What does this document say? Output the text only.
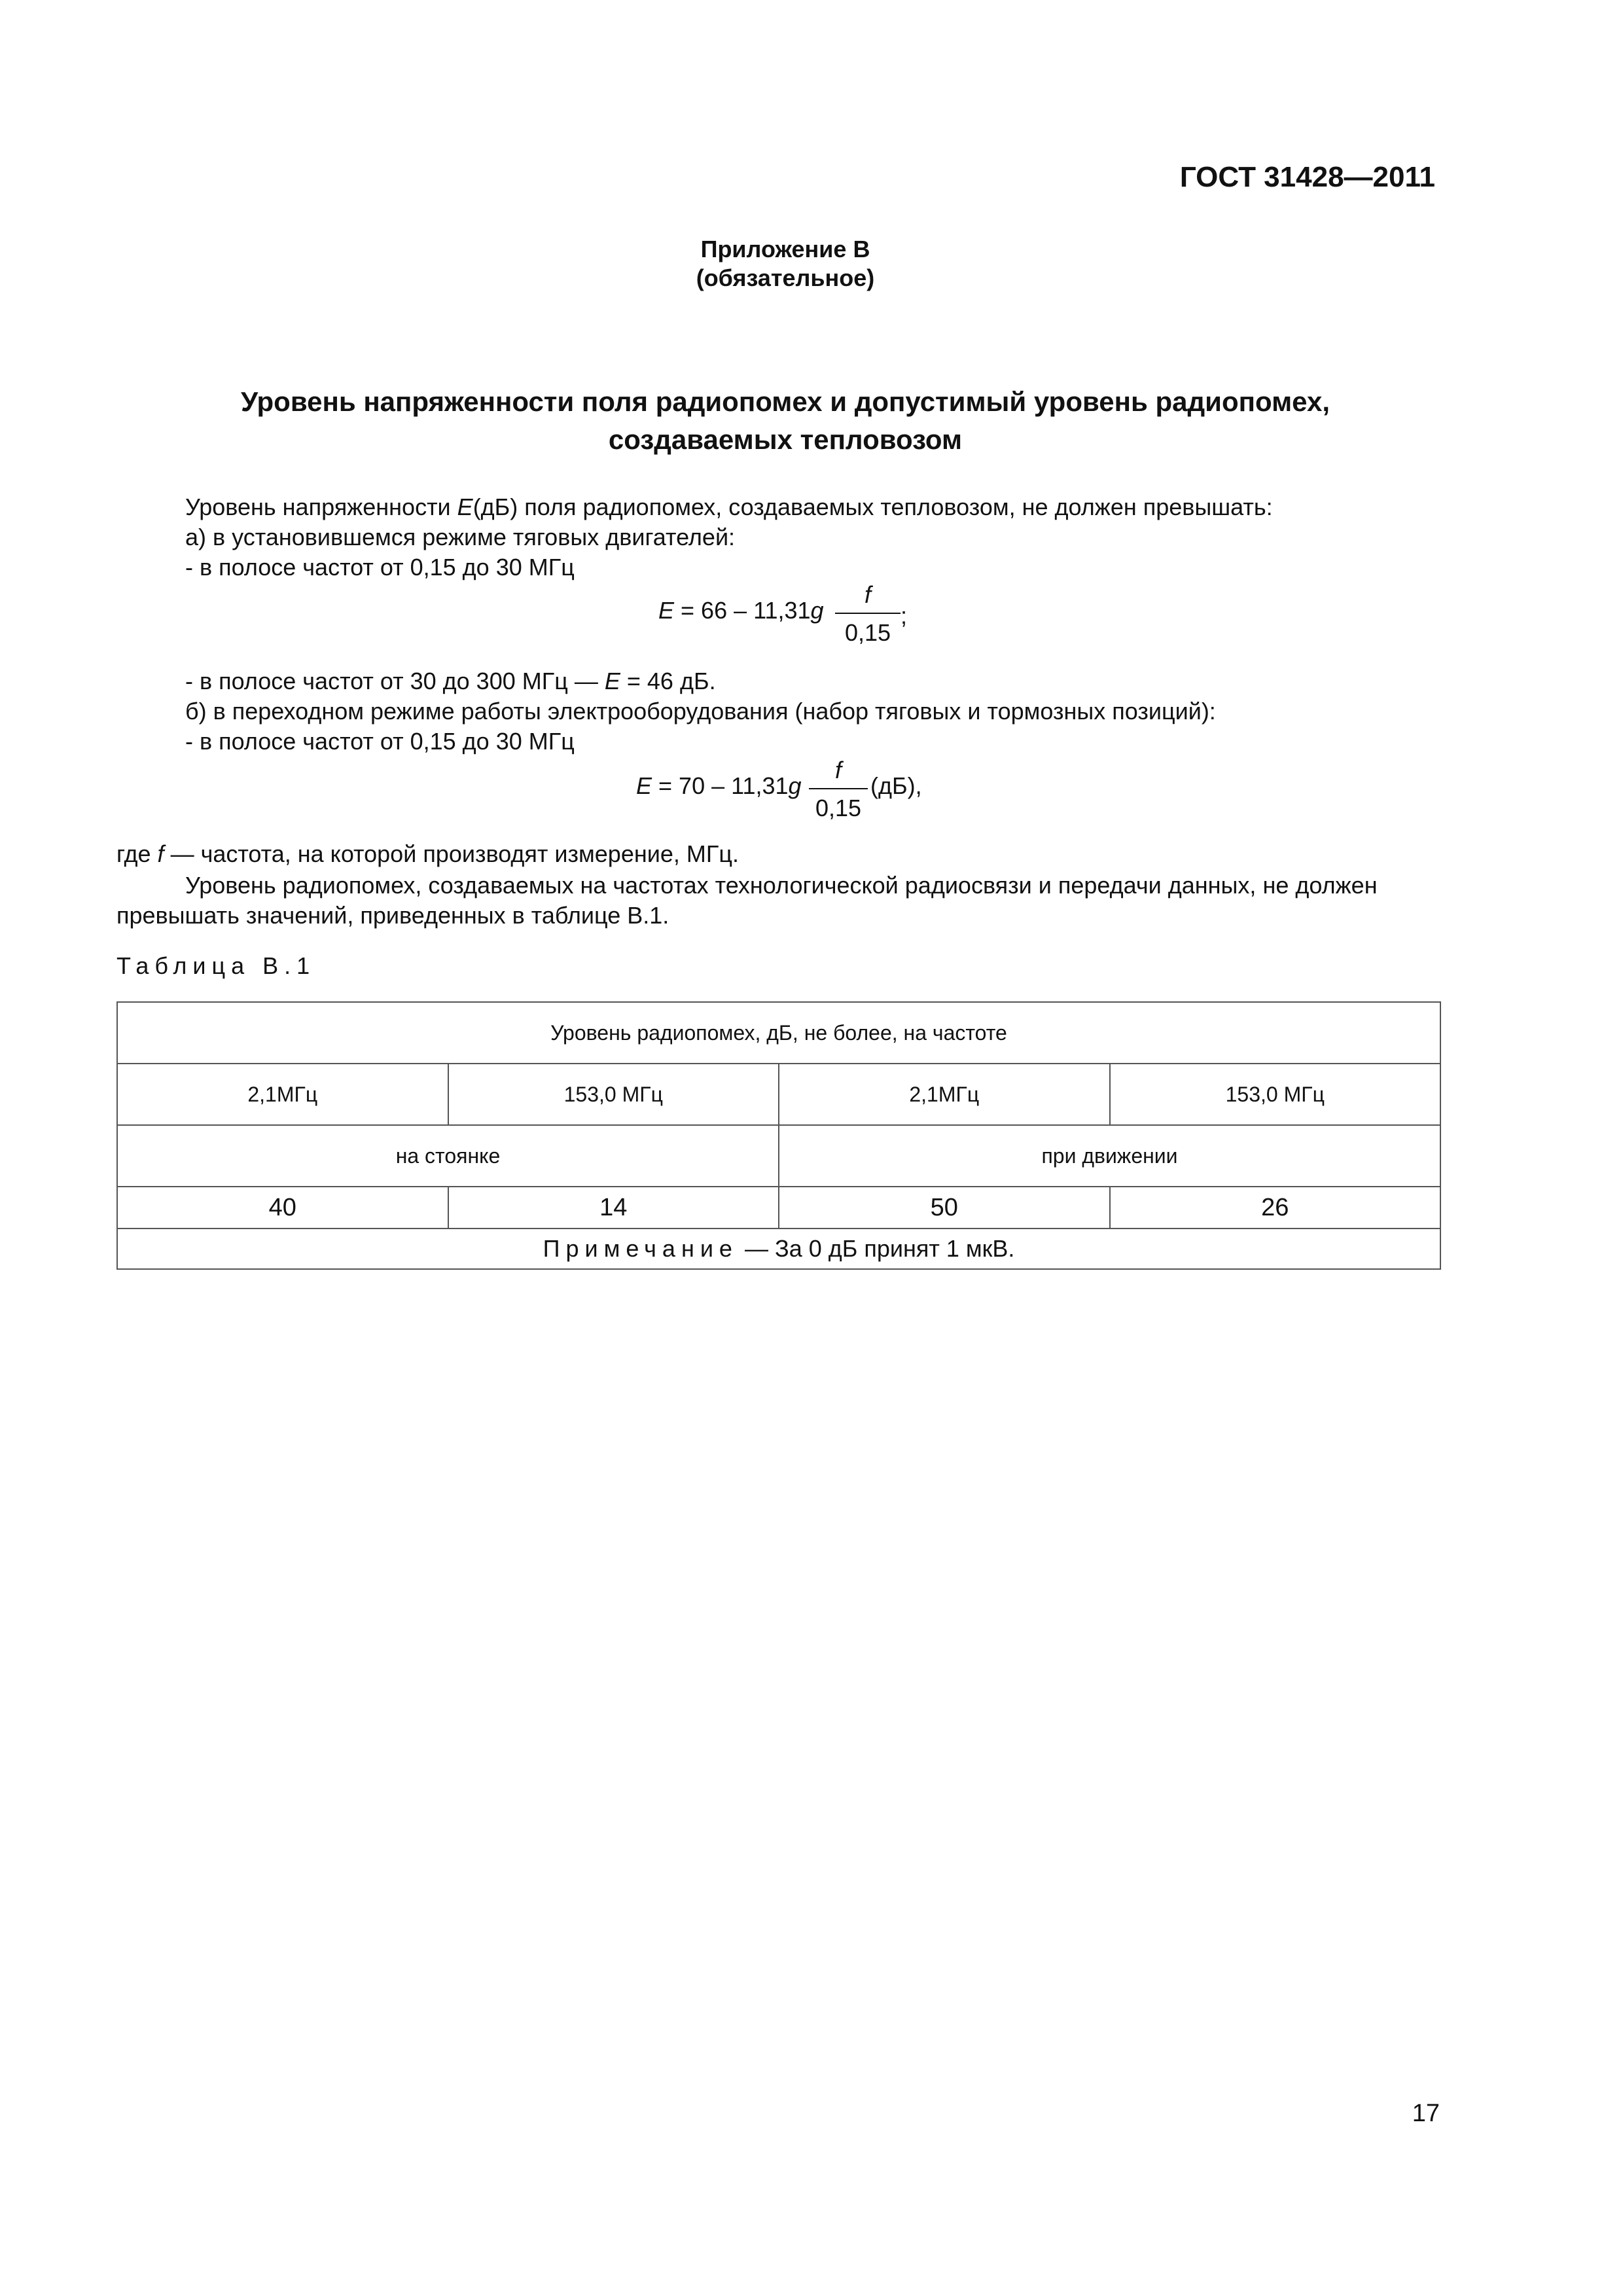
ГОСТ 31428—2011
Приложение В
(обязательное)
Уровень напряженности поля радиопомех и допустимый уровень радиопомех,
создаваемых тепловозом
Уровень напряженности E(дБ) поля радиопомех, создаваемых тепловозом, не должен превышать:
а) в установившемся режиме тяговых двигателей:
- в полосе частот от 0,15 до 30 МГц
E = 66 – 11,31g
f
0,15
;
- в полосе частот от 30 до 300 МГц — E = 46 дБ.
б) в переходном режиме работы электрооборудования (набор тяговых и тормозных позиций):
- в полосе частот от 0,15 до 30 МГц
E = 70 – 11,31g
f
0,15
(дБ),
где f — частота, на которой производят измерение, МГц.
Уровень радиопомех, создаваемых на частотах технологической радиосвязи и передачи данных, не должен
превышать значений, приведенных в таблице В.1.
Таблица В.1
Уровень радиопомех, дБ, не более, на частоте			
2,1МГц	153,0 МГц	2,1МГц	153,0 МГц
на стоянке		при движении	
40	14	50	26
Примечание — За 0 дБ принят 1 мкВ.			
17
